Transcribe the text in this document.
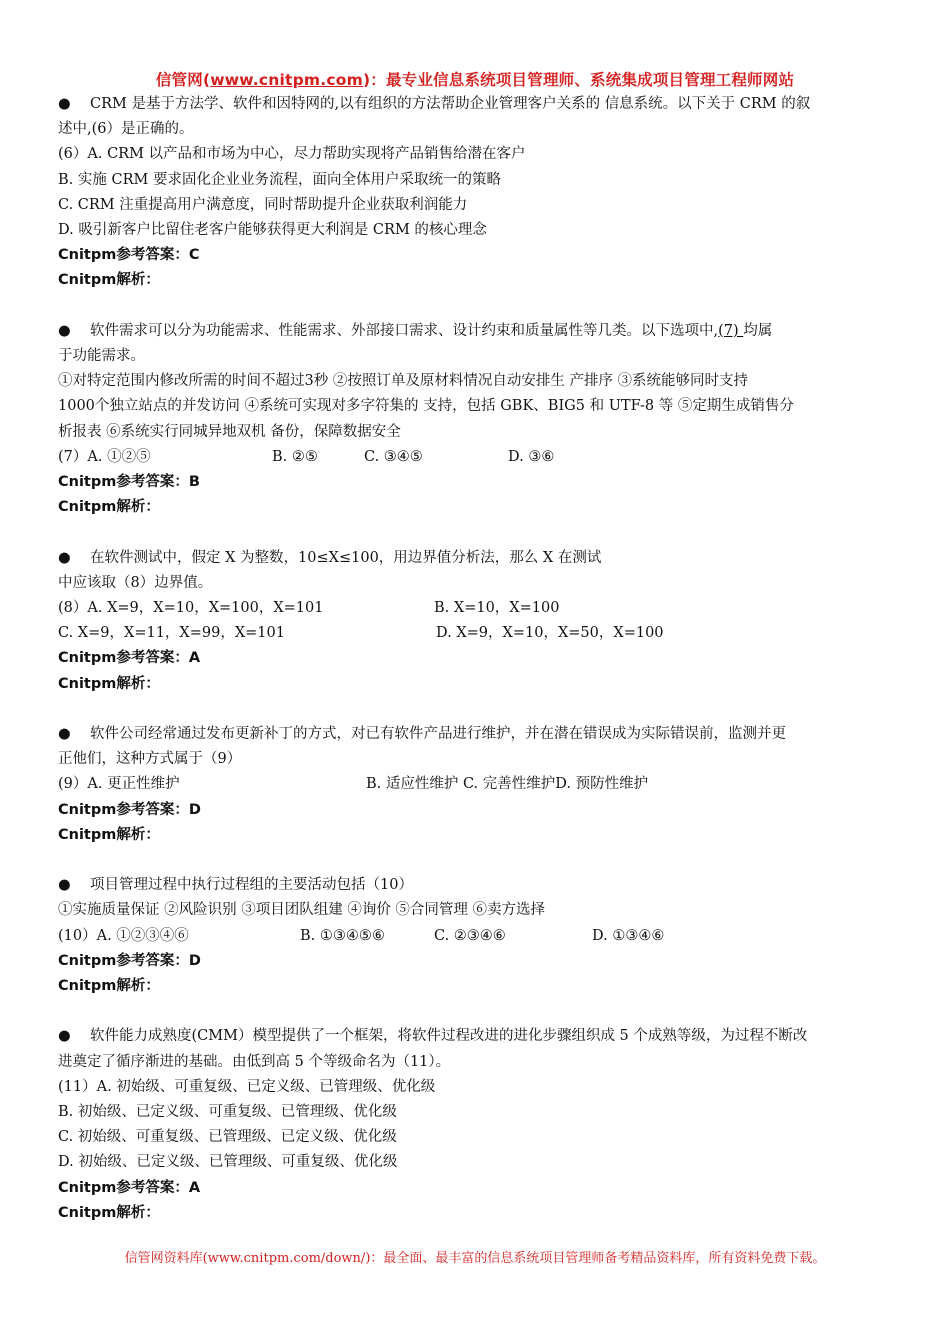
信管网(www.cnitpm.com)：最专业信息系统项目管理师、系统集成项目管理工程师网站
● CRM 是基于方法学、软件和因特网的,以有组织的方法帮助企业管理客户关系的 信息系统。以下关于 CRM 的叙
述中,(6）是正确的。
(6）A. CRM 以产品和市场为中心，尽力帮助实现将产品销售给潜在客户
B. 实施 CRM 要求固化企业业务流程，面向全体用户采取统一的策略
C. CRM 注重提高用户满意度，同时帮助提升企业获取利润能力
D. 吸引新客户比留住老客户能够获得更大利润是 CRM 的核心理念
Cnitpm参考答案：C
Cnitpm解析：
● 软件需求可以分为功能需求、性能需求、外部接口需求、设计约束和质量属性等几类。以下选项中,(7) 均属
于功能需求。
①对特定范围内修改所需的时间不超过3秒 ②按照订单及原材料情况自动安排生 产排序 ③系统能够同时支持
1000个独立站点的并发访问 ④系统可实现对多字符集的 支持，包括 GBK、BIG5 和 UTF-8 等 ⑤定期生成销售分
析报表 ⑥系统实行同城异地双机 备份，保障数据安全
(7）A. ①②⑤	B. ②⑤	C. ③④⑤	D. ③⑥
Cnitpm参考答案：B
Cnitpm解析：
● 在软件测试中，假定 X 为整数，10≤X≤100，用边界值分析法，那么 X 在测试
中应该取（8）边界值。
(8）A. X=9，X=10，X=100，X=101	B. X=10，X=100
C. X=9，X=11，X=99，X=101	D. X=9，X=10，X=50，X=100
Cnitpm参考答案：A
Cnitpm解析：
● 软件公司经常通过发布更新补丁的方式，对已有软件产品进行维护，并在潜在错误成为实际错误前，监测并更
正他们，这种方式属于（9）
(9）A. 更正性维护	B. 适应性维护 C. 完善性维护D. 预防性维护
Cnitpm参考答案：D
Cnitpm解析：
● 项目管理过程中执行过程组的主要活动包括（10）
①实施质量保证 ②风险识别 ③项目团队组建 ④询价 ⑤合同管理 ⑥卖方选择
(10）A. ①②③④⑥	B. ①③④⑤⑥	C. ②③④⑥	D. ①③④⑥
Cnitpm参考答案：D
Cnitpm解析：
● 软件能力成熟度(CMM）模型提供了一个框架，将软件过程改进的进化步骤组织成 5 个成熟等级，为过程不断改
进奠定了循序渐进的基础。由低到高 5 个等级命名为（11）。
(11）A. 初始级、可重复级、已定义级、已管理级、优化级
B. 初始级、已定义级、可重复级、已管理级、优化级
C. 初始级、可重复级、已管理级、已定义级、优化级
D. 初始级、已定义级、已管理级、可重复级、优化级
Cnitpm参考答案：A
Cnitpm解析：
信管网资料库(www.cnitpm.com/down/)：最全面、最丰富的信息系统项目管理师备考精品资料库，所有资料免费下载。
